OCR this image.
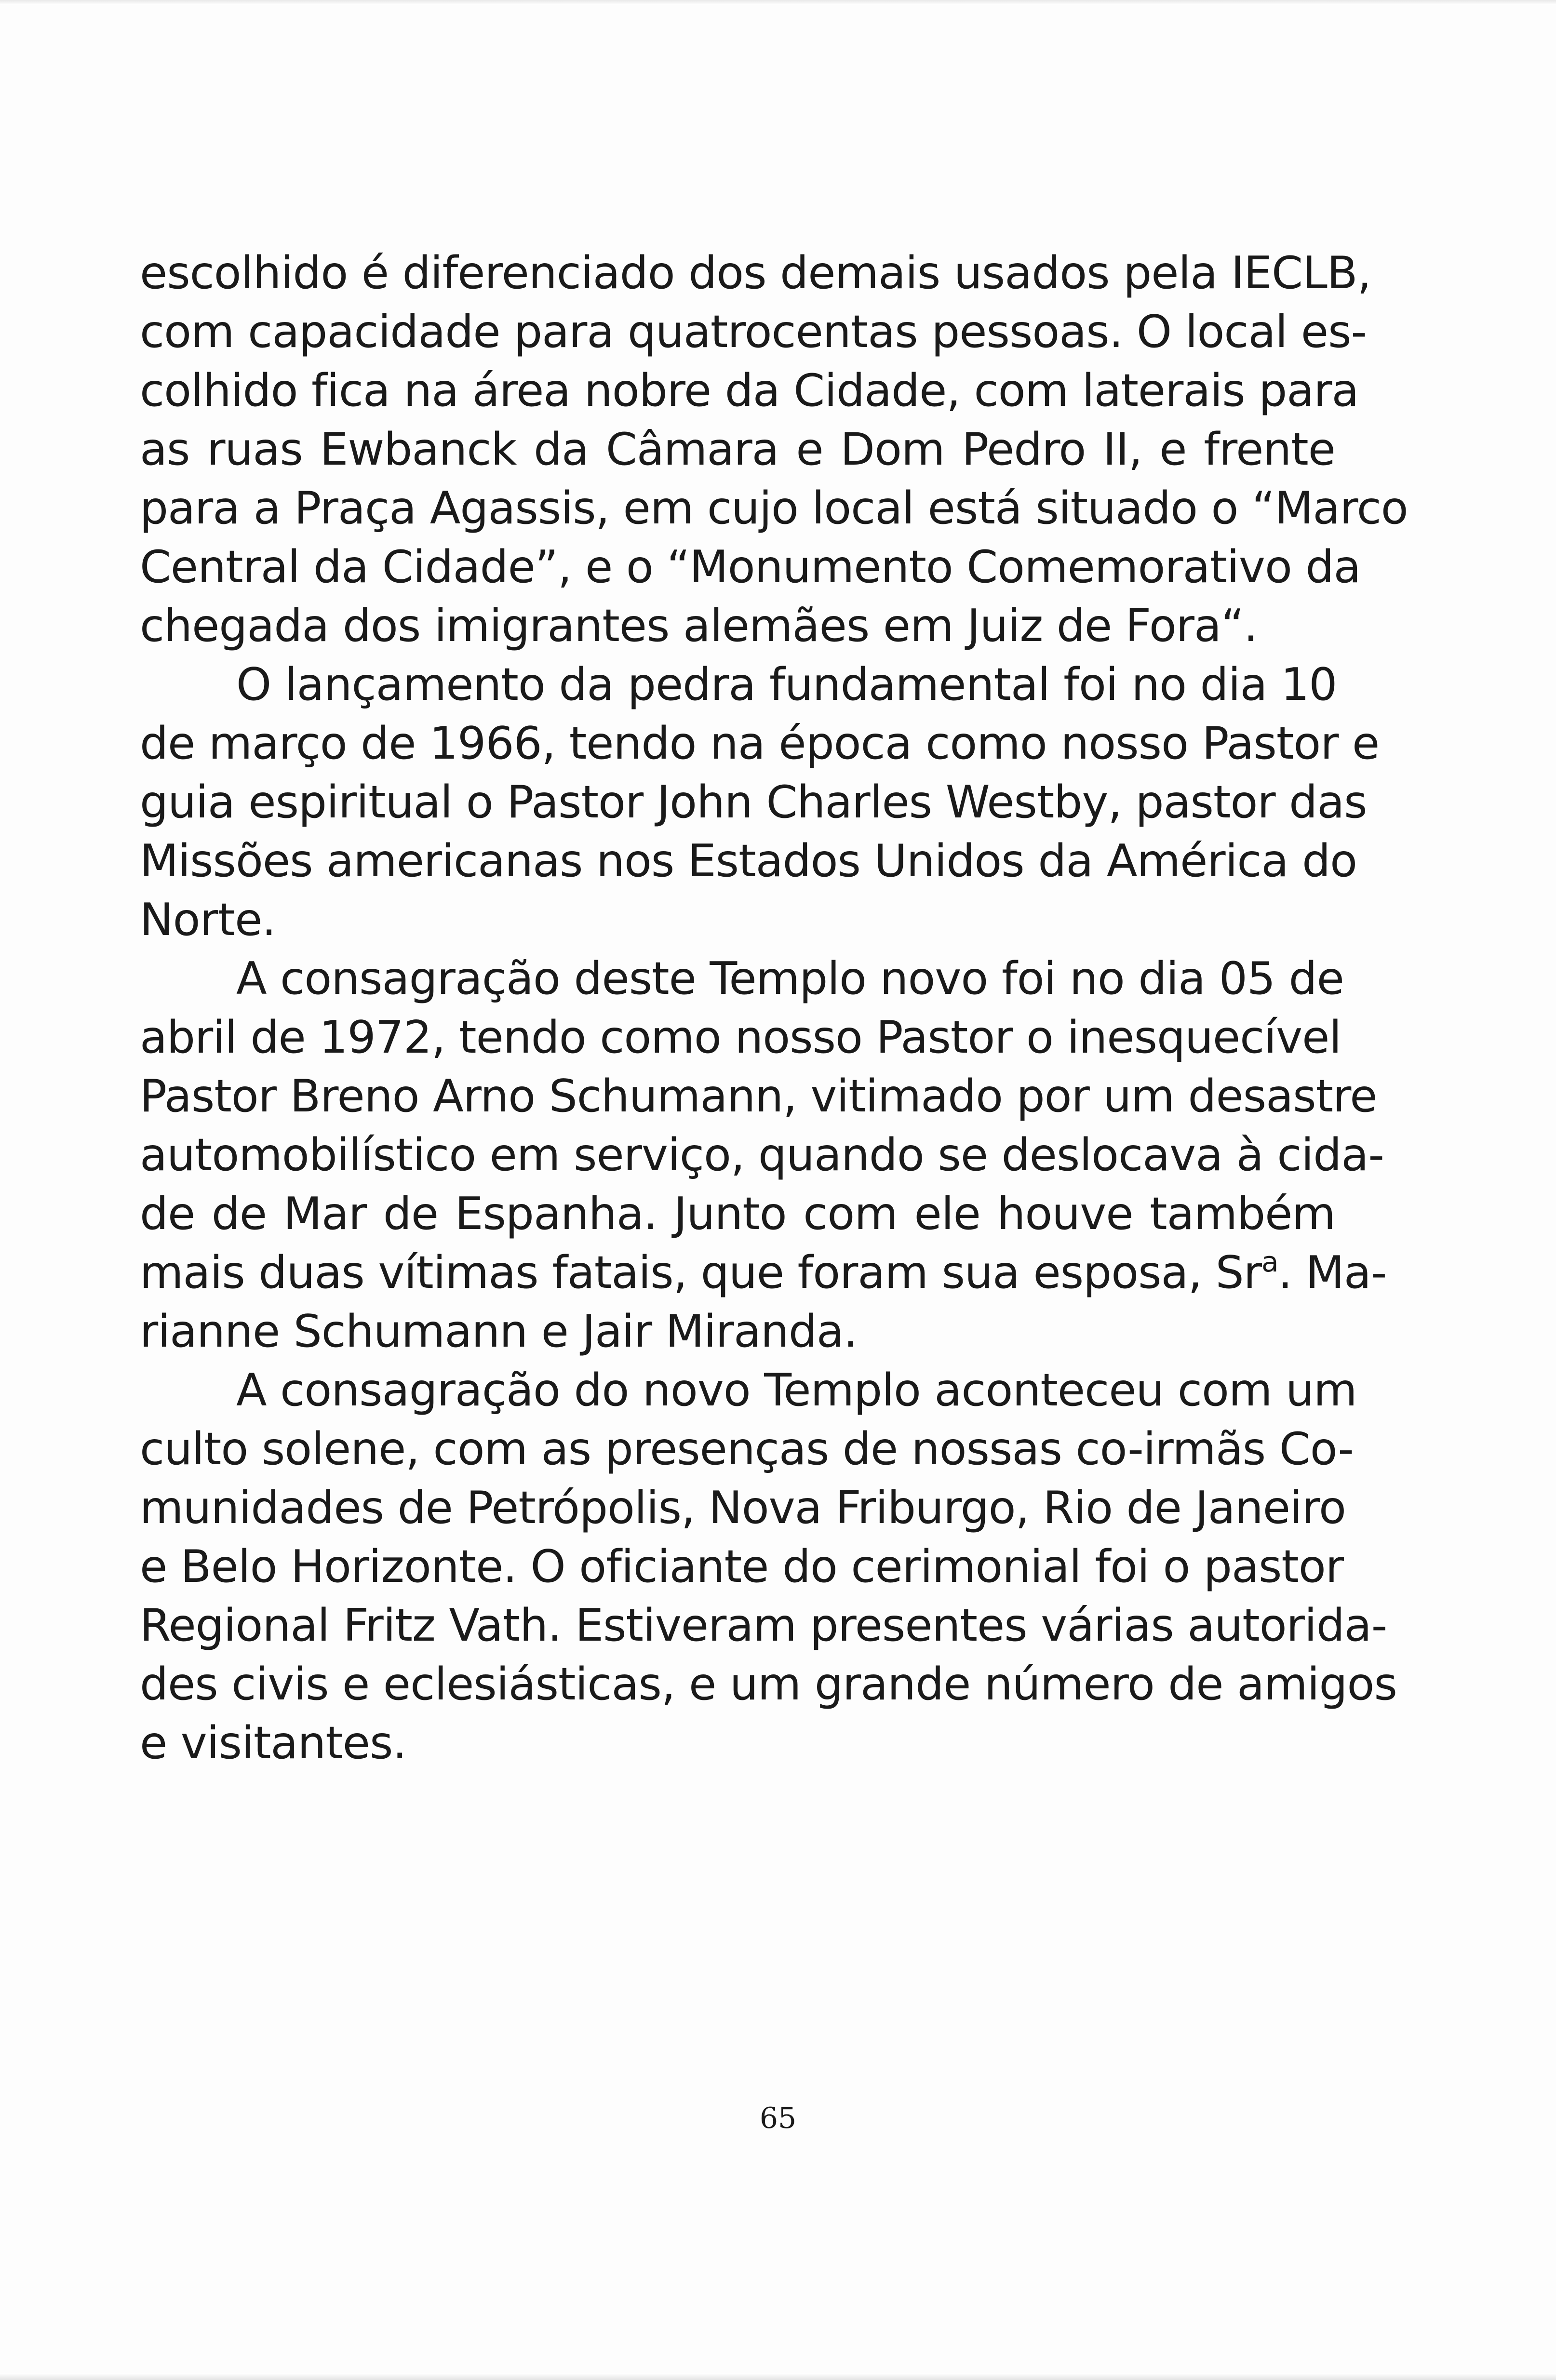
escolhido é diferenciado dos demais usados pela IECLB,
com capacidade para quatrocentas pessoas. O local es-
colhido fica na área nobre da Cidade, com laterais para
as ruas Ewbanck da Câmara e Dom Pedro II, e frente
para a Praça Agassis, em cujo local está situado o “Marco
Central da Cidade”, e o “Monumento Comemorativo da
chegada dos imigrantes alemães em Juiz de Fora“.
O lançamento da pedra fundamental foi no dia 10
de março de 1966, tendo na época como nosso Pastor e
guia espiritual o Pastor John Charles Westby, pastor das
Missões americanas nos Estados Unidos da América do
Norte.
A consagração deste Templo novo foi no dia 05 de
abril de 1972, tendo como nosso Pastor o inesquecível
Pastor Breno Arno Schumann, vitimado por um desastre
automobilístico em serviço, quando se deslocava à cida-
de de Mar de Espanha. Junto com ele houve também
mais duas vítimas fatais, que foram sua esposa, Sr$^a$. Ma-
rianne Schumann e Jair Miranda.
A consagração do novo Templo aconteceu com um
culto solene, com as presenças de nossas co-irmãs Co-
munidades de Petrópolis, Nova Friburgo, Rio de Janeiro
e Belo Horizonte. O oficiante do cerimonial foi o pastor
Regional Fritz Vath. Estiveram presentes várias autorida-
des civis e eclesiásticas, e um grande número de amigos
e visitantes.
65
